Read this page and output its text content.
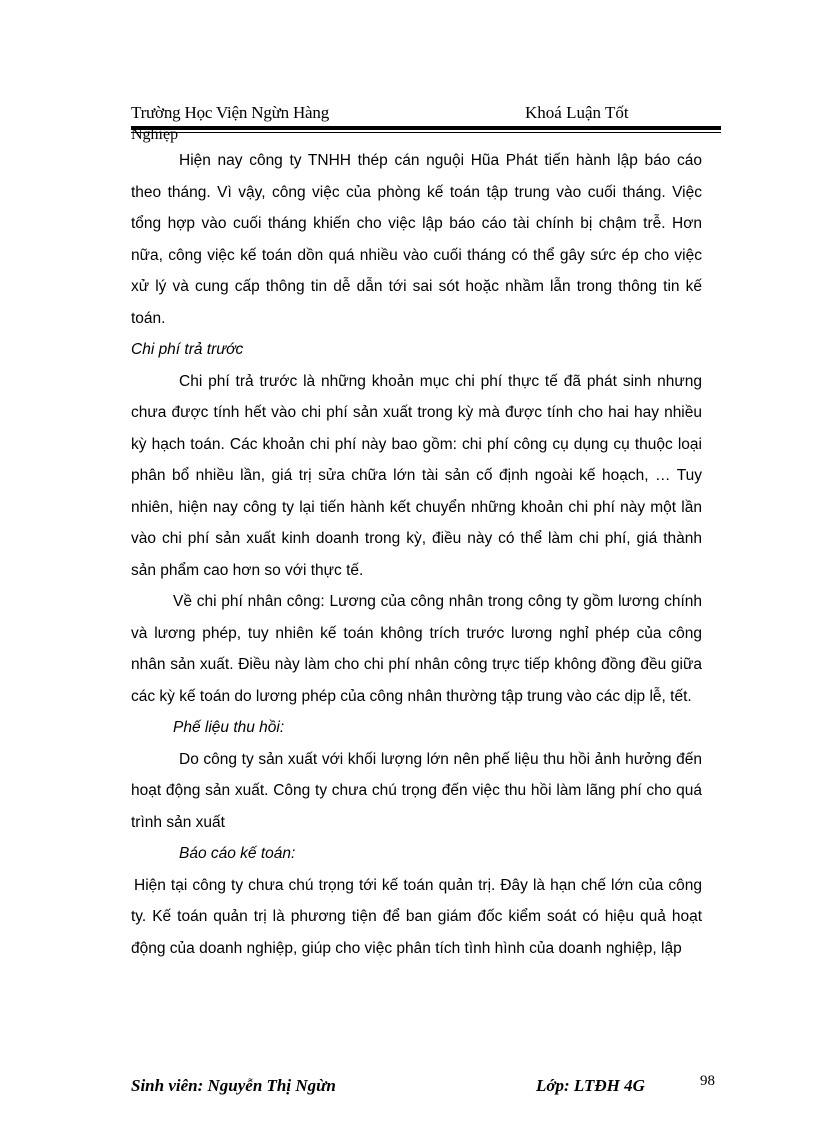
Trường Học Viện Ngừn Hàng	Khoá Luận Tốt
Nghiệp

Hiện nay công ty TNHH thép cán nguội Hũa Phát tiến hành lập báo cáo theo tháng. Vì vậy, công việc của phòng kế toán tập trung vào cuối tháng. Việc tổng hợp vào cuối tháng khiến cho việc lập báo cáo tài chính bị chậm trễ. Hơn nữa, công việc kế toán dồn quá nhiều vào cuối tháng có thể gây sức ép cho việc xử lý và cung cấp thông tin dễ dẫn tới sai sót hoặc nhầm lẫn trong thông tin kế toán.

Chi phí trả trước

Chi phí trả trước là những khoản mục chi phí thực tế đã phát sinh nhưng chưa được tính hết vào chi phí sản xuất trong kỳ mà được tính cho hai hay nhiều kỳ hạch toán. Các khoản chi phí này bao gồm: chi phí công cụ dụng cụ thuộc loại phân bổ nhiều lần, giá trị sửa chữa lớn tài sản cố định ngoài kế hoạch, … Tuy nhiên, hiện nay công ty lại tiến hành kết chuyển những khoản chi phí này một lần vào chi phí sản xuất kinh doanh trong kỳ, điều này có thể làm chi phí, giá thành sản phẩm cao hơn so với thực tế.

Về chi phí nhân công: Lương của công nhân trong công ty gồm lương chính và lương phép, tuy nhiên kế toán không trích trước lương nghỉ phép của công nhân sản xuất. Điều này làm cho chi phí nhân công trực tiếp không đồng đều giữa các kỳ kế toán do lương phép của công nhân thường tập trung vào các dịp lễ, tết.

Phế liệu thu hồi:

Do công ty sản xuất với khối lượng lớn nên phế liệu thu hồi ảnh hưởng đến hoạt động sản xuất. Công ty chưa chú trọng đến việc thu hồi làm lãng phí cho quá trình sản xuất

Báo cáo kế toán:

Hiện tại công ty chưa chú trọng tới kế toán quản trị. Đây là hạn chế lớn của công ty. Kế toán quản trị là phương tiện để ban giám đốc kiểm soát có hiệu quả hoạt động của doanh nghiệp, giúp cho việc phân tích tình hình của doanh nghiệp, lập

Sinh viên: Nguyễn Thị Ngừn	Lớp: LTĐH 4G	98
